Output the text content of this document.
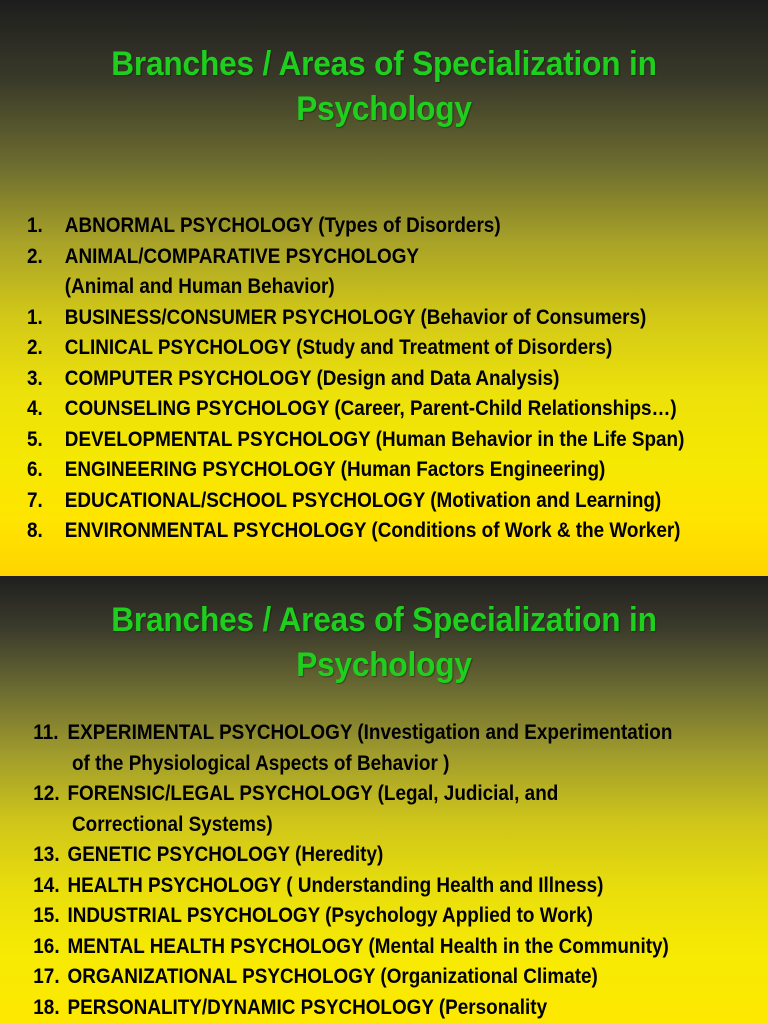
Branches / Areas of Specialization in
Psychology
1. ABNORMAL PSYCHOLOGY (Types of Disorders)
2. ANIMAL/COMPARATIVE PSYCHOLOGY
(Animal and Human Behavior)
1. BUSINESS/CONSUMER PSYCHOLOGY (Behavior of Consumers)
2. CLINICAL PSYCHOLOGY (Study and Treatment of Disorders)
3. COMPUTER PSYCHOLOGY (Design and Data Analysis)
4. COUNSELING PSYCHOLOGY (Career, Parent-Child Relationships…)
5. DEVELOPMENTAL PSYCHOLOGY (Human Behavior in the Life Span)
6. ENGINEERING PSYCHOLOGY (Human Factors Engineering)
7. EDUCATIONAL/SCHOOL PSYCHOLOGY (Motivation and Learning)
8. ENVIRONMENTAL PSYCHOLOGY (Conditions of Work & the Worker)
Branches / Areas of Specialization in
Psychology
11. EXPERIMENTAL PSYCHOLOGY (Investigation and Experimentation
of the Physiological Aspects of Behavior )
12. FORENSIC/LEGAL PSYCHOLOGY (Legal, Judicial, and
Correctional Systems)
13. GENETIC PSYCHOLOGY (Heredity)
14. HEALTH PSYCHOLOGY ( Understanding Health and Illness)
15. INDUSTRIAL PSYCHOLOGY (Psychology Applied to Work)
16. MENTAL HEALTH PSYCHOLOGY (Mental Health in the Community)
17. ORGANIZATIONAL PSYCHOLOGY (Organizational Climate)
18. PERSONALITY/DYNAMIC PSYCHOLOGY (Personality
